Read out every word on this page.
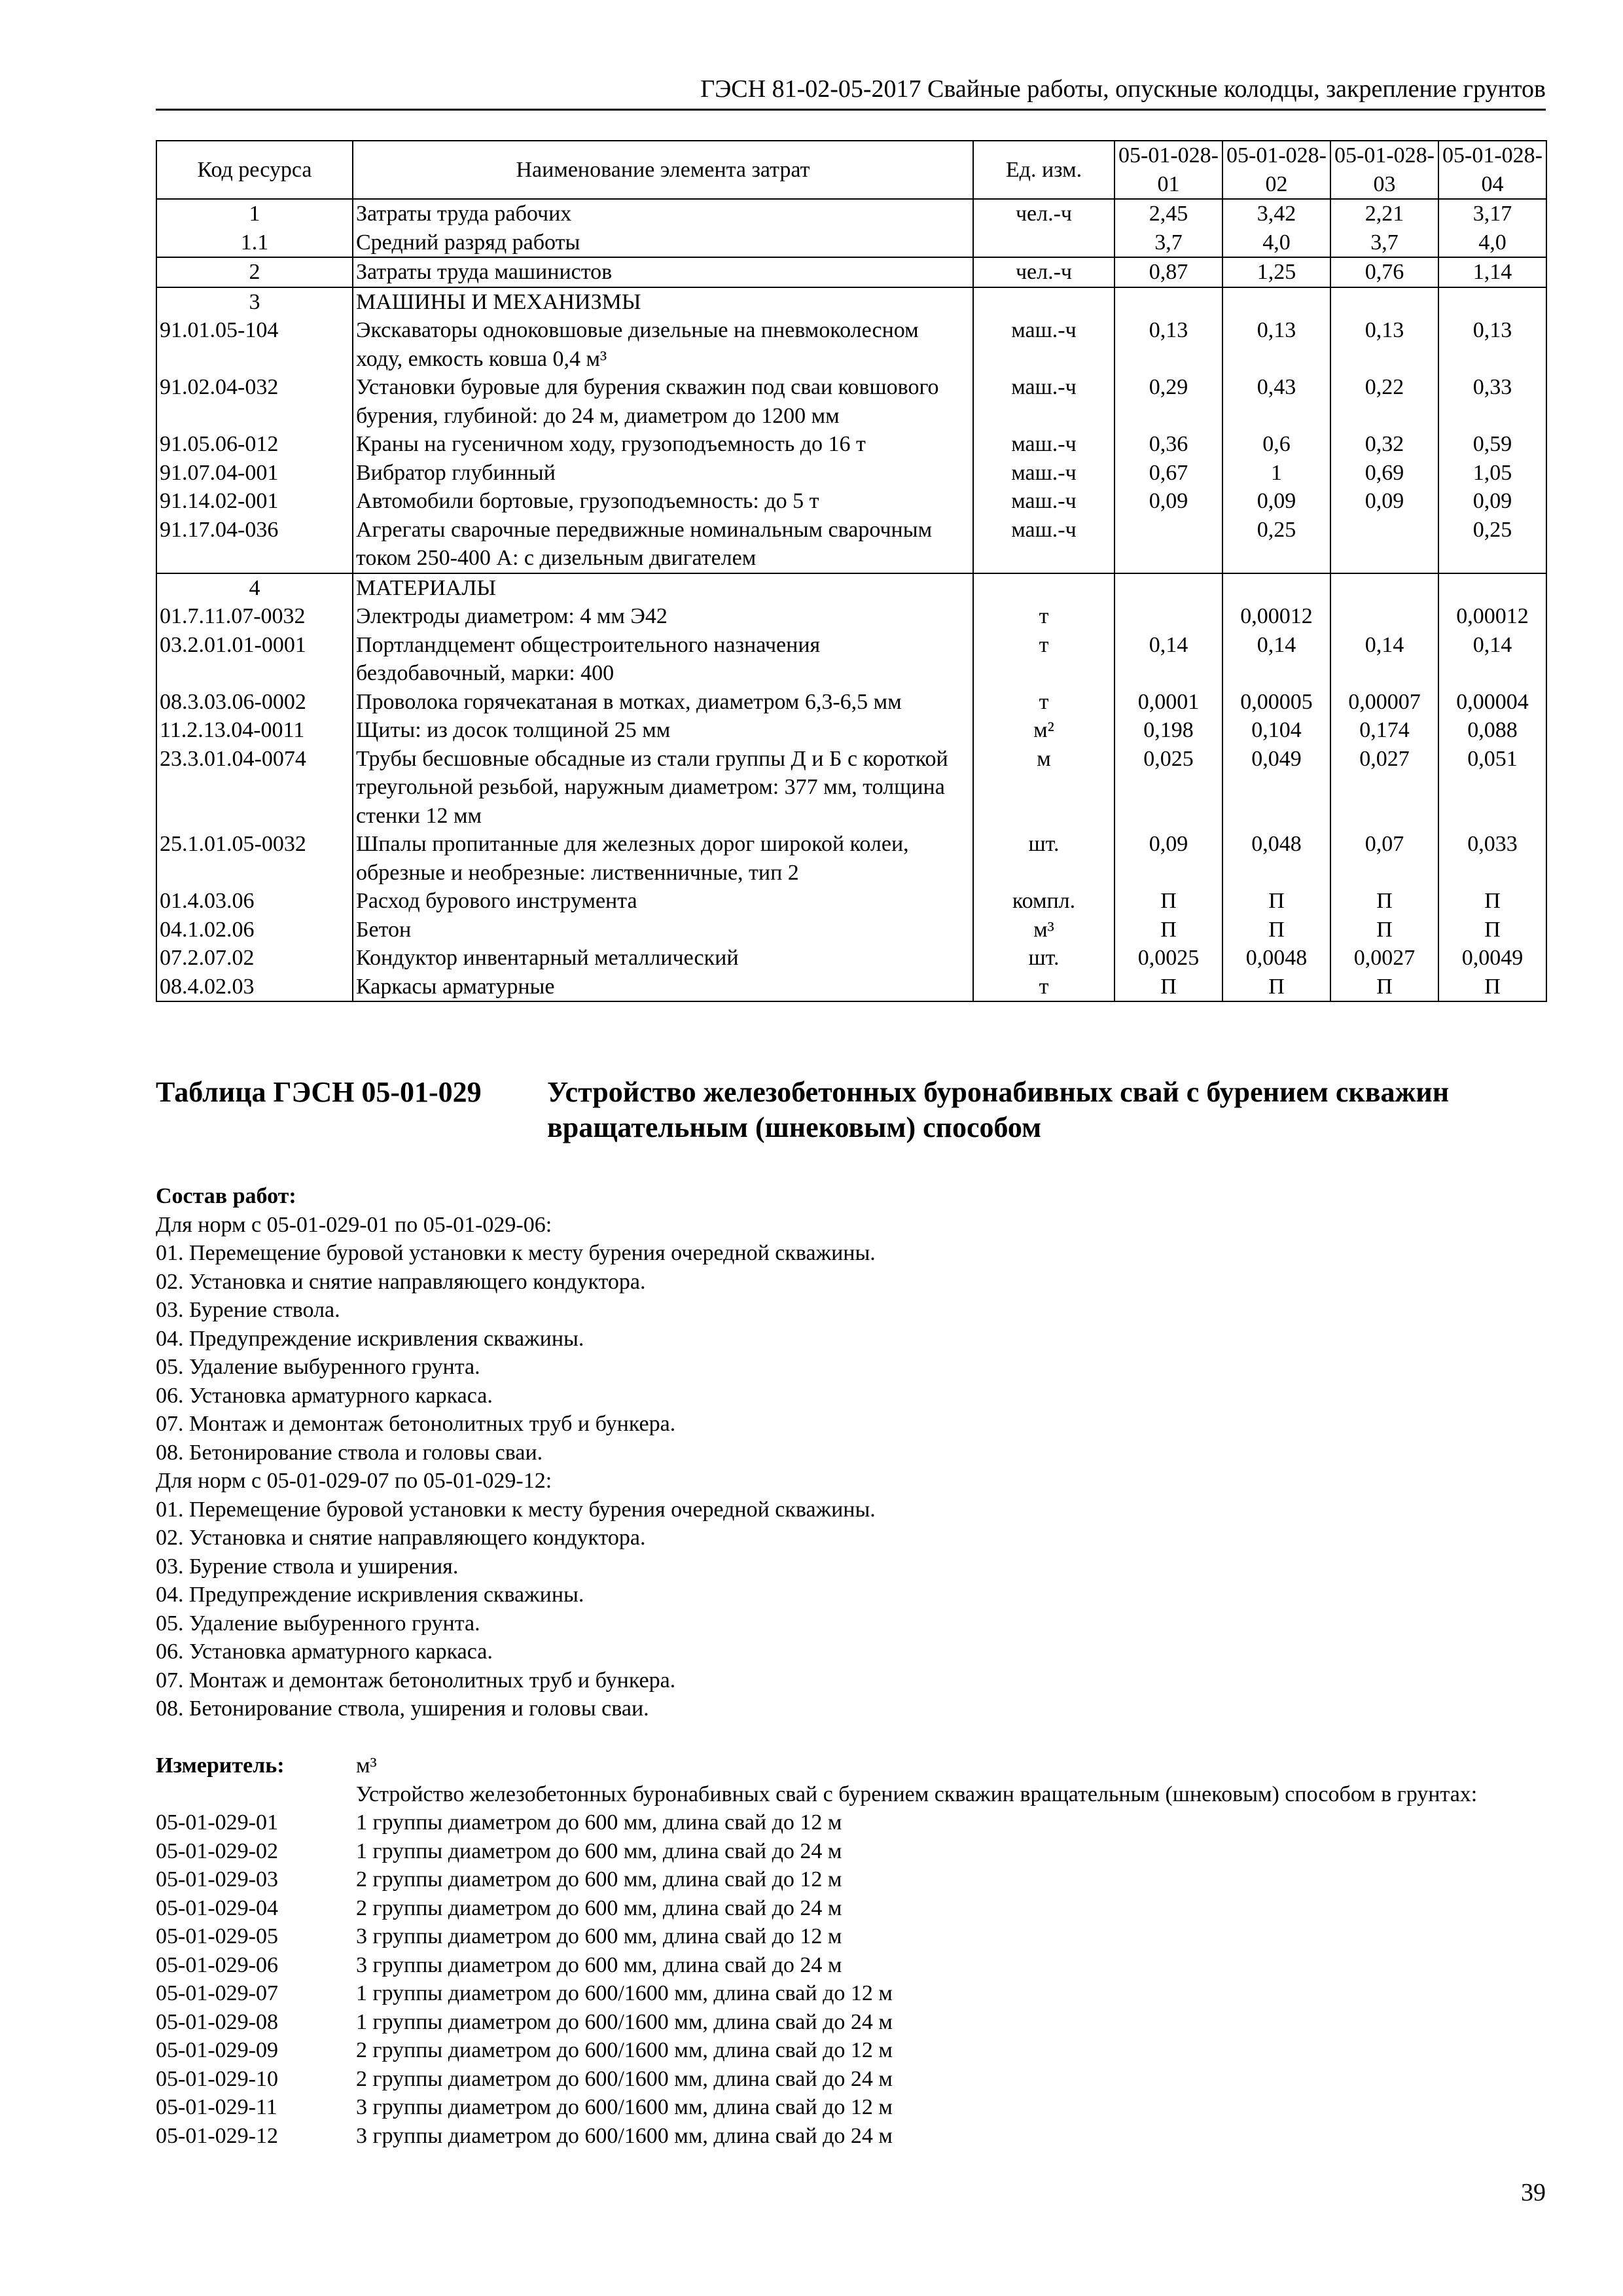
ГЭСН 81-02-05-2017 Свайные работы, опускные колодцы, закрепление грунтов
Код ресурса	Наименование элемента затрат	Ед. изм.	05-01-028-01	05-01-028-02	05-01-028-03	05-01-028-04
1	Затраты труда рабочих	чел.-ч	2,45	3,42	2,21	3,17
1.1	Средний разряд работы		3,7	4,0	3,7	4,0
2	Затраты труда машинистов	чел.-ч	0,87	1,25	0,76	1,14
3	МАШИНЫ И МЕХАНИЗМЫ					
91.01.05-104	Экскаваторы одноковшовые дизельные на пневмоколесном ходу, емкость ковша 0,4 м³	маш.-ч	0,13	0,13	0,13	0,13
91.02.04-032	Установки буровые для бурения скважин под сваи ковшового бурения, глубиной: до 24 м, диаметром до 1200 мм	маш.-ч	0,29	0,43	0,22	0,33
91.05.06-012	Краны на гусеничном ходу, грузоподъемность до 16 т	маш.-ч	0,36	0,6	0,32	0,59
91.07.04-001	Вибратор глубинный	маш.-ч	0,67	1	0,69	1,05
91.14.02-001	Автомобили бортовые, грузоподъемность: до 5 т	маш.-ч	0,09	0,09	0,09	0,09
91.17.04-036	Агрегаты сварочные передвижные номинальным сварочным током 250-400 А: с дизельным двигателем	маш.-ч		0,25		0,25
4	МАТЕРИАЛЫ					
01.7.11.07-0032	Электроды диаметром: 4 мм Э42	т		0,00012		0,00012
03.2.01.01-0001	Портландцемент общестроительного назначения бездобавочный, марки: 400	т	0,14	0,14	0,14	0,14
08.3.03.06-0002	Проволока горячекатаная в мотках, диаметром 6,3-6,5 мм	т	0,0001	0,00005	0,00007	0,00004
11.2.13.04-0011	Щиты: из досок толщиной 25 мм	м²	0,198	0,104	0,174	0,088
23.3.01.04-0074	Трубы бесшовные обсадные из стали группы Д и Б с короткой треугольной резьбой, наружным диаметром: 377 мм, толщина стенки 12 мм	м	0,025	0,049	0,027	0,051
25.1.01.05-0032	Шпалы пропитанные для железных дорог широкой колеи, обрезные и необрезные: лиственничные, тип 2	шт.	0,09	0,048	0,07	0,033
01.4.03.06	Расход бурового инструмента	компл.	П	П	П	П
04.1.02.06	Бетон	м³	П	П	П	П
07.2.07.02	Кондуктор инвентарный металлический	шт.	0,0025	0,0048	0,0027	0,0049
08.4.02.03	Каркасы арматурные	т	П	П	П	П
Таблица ГЭСН 05-01-029 Устройство железобетонных буронабивных свай с бурением скважин вращательным (шнековым) способом
Состав работ:
Для норм с 05-01-029-01 по 05-01-029-06:
01. Перемещение буровой установки к месту бурения очередной скважины.
02. Установка и снятие направляющего кондуктора.
03. Бурение ствола.
04. Предупреждение искривления скважины.
05. Удаление выбуренного грунта.
06. Установка арматурного каркаса.
07. Монтаж и демонтаж бетонолитных труб и бункера.
08. Бетонирование ствола и головы сваи.
Для норм с 05-01-029-07 по 05-01-029-12:
01. Перемещение буровой установки к месту бурения очередной скважины.
02. Установка и снятие направляющего кондуктора.
03. Бурение ствола и уширения.
04. Предупреждение искривления скважины.
05. Удаление выбуренного грунта.
06. Установка арматурного каркаса.
07. Монтаж и демонтаж бетонолитных труб и бункера.
08. Бетонирование ствола, уширения и головы сваи.
Измеритель:	м³
Устройство железобетонных буронабивных свай с бурением скважин вращательным (шнековым) способом в грунтах:
05-01-029-01	1 группы диаметром до 600 мм, длина свай до 12 м
05-01-029-02	1 группы диаметром до 600 мм, длина свай до 24 м
05-01-029-03	2 группы диаметром до 600 мм, длина свай до 12 м
05-01-029-04	2 группы диаметром до 600 мм, длина свай до 24 м
05-01-029-05	3 группы диаметром до 600 мм, длина свай до 12 м
05-01-029-06	3 группы диаметром до 600 мм, длина свай до 24 м
05-01-029-07	1 группы диаметром до 600/1600 мм, длина свай до 12 м
05-01-029-08	1 группы диаметром до 600/1600 мм, длина свай до 24 м
05-01-029-09	2 группы диаметром до 600/1600 мм, длина свай до 12 м
05-01-029-10	2 группы диаметром до 600/1600 мм, длина свай до 24 м
05-01-029-11	3 группы диаметром до 600/1600 мм, длина свай до 12 м
05-01-029-12	3 группы диаметром до 600/1600 мм, длина свай до 24 м
39
